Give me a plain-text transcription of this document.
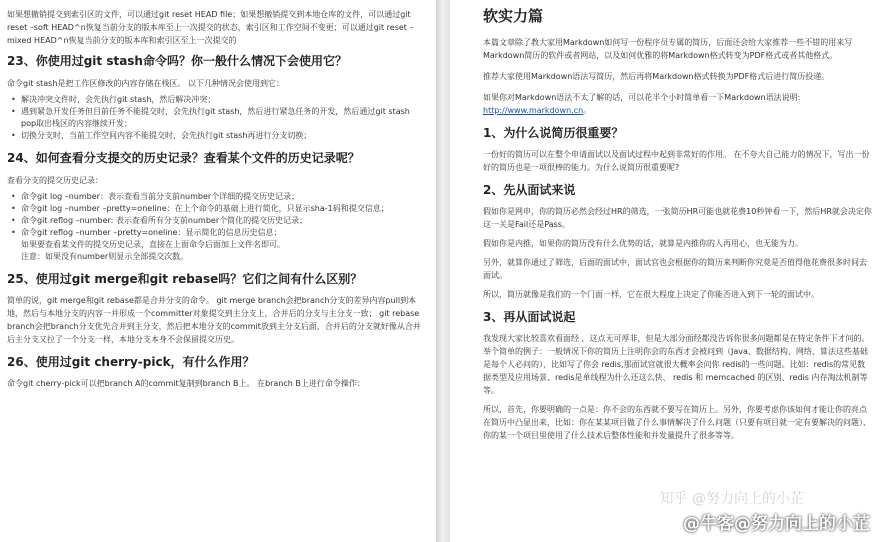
如果想撤销提交到索引区的文件，可以通过git reset HEAD file；如果想撤销提交到本地仓库的文件，可以通过git reset –soft HEAD^n恢复当前分支的版本库至上一次提交的状态，索引区和工作空间不变更；可以通过git reset –mixed HEAD^n恢复当前分支的版本库和索引区至上一次提交的

23、你使用过git stash命令吗？你一般什么情况下会使用它？

命令git stash是把工作区修改的内容存储在栈区。 以下几种情况会使用到它：

• 解决冲突文件时，会先执行git stash，然后解决冲突；
• 遇到紧急开发任务但目前任务不能提交时，会先执行git stash，然后进行紧急任务的开发，然后通过git stash pop取出栈区的内容继续开发；
• 切换分支时，当前工作空间内容不能提交时，会先执行git stash再进行分支切换；
24、如何查看分支提交的历史记录？查看某个文件的历史记录呢？

查看分支的提交历史记录：

• 命令git log –number：表示查看当前分支前number个详细的提交历史记录；
• 命令git log –number –pretty=oneline：在上个命令的基础上进行简化，只显示sha-1码和提交信息；
• 命令git reflog –number: 表示查看所有分支前number个简化的提交历史记录；
• 命令git reflog –number –pretty=oneline：显示简化的信息历史信息；
如果要查看某文件的提交历史记录，直接在上面命令后面加上文件名即可。
注意：如果没有number则显示全部提交次数。
25、使用过git merge和git rebase吗？它们之间有什么区别？

简单的说，git merge和git rebase都是合并分支的命令。 git merge branch会把branch分支的差异内容pull到本地，然后与本地分支的内容一并形成一个committer对象提交到主分支上，合并后的分支与主分支一致； git rebase branch会把branch分支优先合并到主分支，然后把本地分支的commit放到主分支后面，合并后的分支就好像从合并后主分支又拉了一个分支一样，本地分支本身不会保留提交历史。

26、使用过git cherry-pick，有什么作用？

命令git cherry-pick可以把branch A的commit复制到branch B上。 在branch B上进行命令操作：

软实力篇

本篇文章除了教大家用Markdown如何写一份程序员专属的简历，后面还会给大家推荐一些不错的用来写Markdown简历的软件或者网站，以及如何优雅的将Markdown格式转变为PDF格式或者其他格式。

推荐大家使用Markdown语法写简历，然后再将Markdown格式转换为PDF格式后进行简历投递。

如果你对Markdown语法不太了解的话，可以花半个小时简单看一下Markdown语法说明:

http://www.markdown.cn。

1、为什么说简历很重要？

一份好的简历可以在整个申请面试以及面试过程中起到非常好的作用。 在不夸大自己能力的情况下，写出一份好的简历也是一项很棒的能力。为什么说简历很重要呢?

2、先从面试来说

假如你是网申，你的简历必然会经过HR的筛选，一张简历HR可能也就花费10秒钟看一下，然后HR就会决定你这一关是Fail还是Pass。

假如你是内推，如果你的简历没有什么优势的话，就算是内推你的人再用心，也无能为力。

另外，就算你通过了筛选，后面的面试中，面试官也会根据你的简历来判断你究竟是否值得他花费很多时间去面试。

所以，简历就像是我们的一个门面一样，它在很大程度上决定了你能否进入到下一轮的面试中。

3、再从面试说起

我发现大家比较喜欢看面经 ，这点无可厚非，但是大部分面经都没告诉你很多问题都是在特定条件下才问的。举个简单的例子：一般情况下你的简历上注明你会的东西才会被问到（Java、数据结构、网络、算法这些基础是每个人必问的），比如写了你会 redis,那面试官就很大概率会问你 redis的一些问题。比如：redis的常见数据类型及应用场景、redis是单线程为什么还这么快、 redis 和 memcached 的区别、redis 内存淘汰机制等等。

所以，首先，你要明确的一点是：你不会的东西就不要写在简历上。另外，你要考虑你该如何才能让你的亮点在简历中凸显出来，比如：你在某某项目做了什么事情解决了什么问题（只要有项目就一定有要解决的问题）、你的某一个项目里使用了什么技术后整体性能和并发量提升了很多等等。

知乎 @努力向上的小芷
@牛客@努力向上的小芷
